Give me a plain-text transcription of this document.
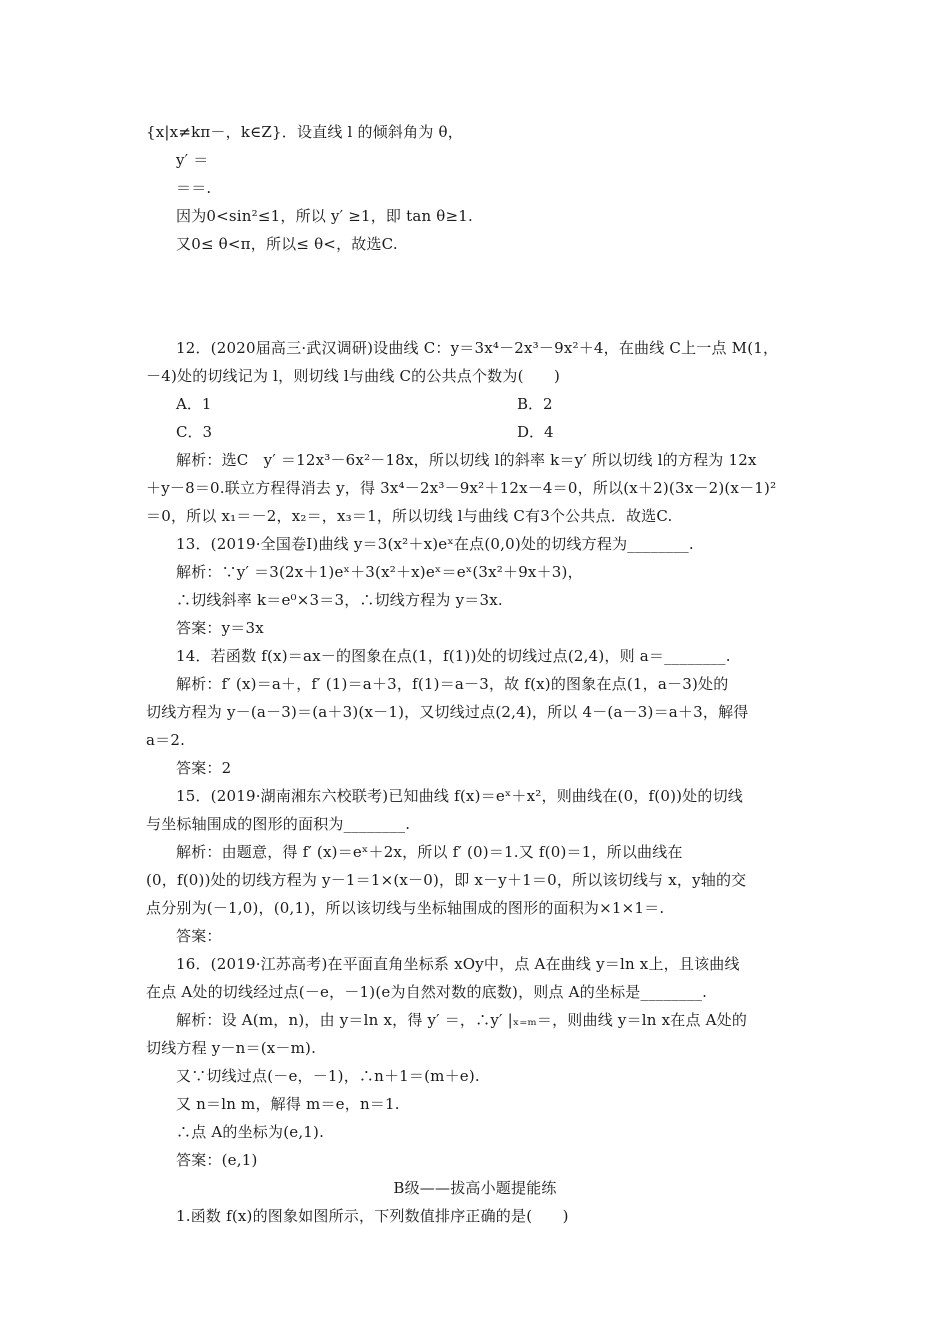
{x|x≠kπ－，k∈Z}．设直线 l 的倾斜角为 θ，
y′ ＝
＝＝.
因为0<sin²≤1，所以 y′ ≥1，即 tan θ≥1.
又0≤ θ<π，所以≤ θ<，故选C.
12．(2020届高三·武汉调研)设曲线 C：y＝3x⁴－2x³－9x²＋4，在曲线 C上一点 M(1，
－4)处的切线记为 l，则切线 l与曲线 C的公共点个数为(　　)
A．1	B．2
C．3	D．4
解析：选C　y′ ＝12x³－6x²－18x，所以切线 l的斜率 k＝y′ 所以切线 l的方程为 12x
＋y－8＝0.联立方程得消去 y，得 3x⁴－2x³－9x²＋12x－4＝0，所以(x＋2)(3x－2)(x－1)²
＝0，所以 x₁＝－2，x₂＝，x₃＝1，所以切线 l与曲线 C有3个公共点．故选C.
13．(2019·全国卷Ⅰ)曲线 y＝3(x²＋x)eˣ在点(0,0)处的切线方程为________.
解析：∵y′ ＝3(2x＋1)eˣ＋3(x²＋x)eˣ＝eˣ(3x²＋9x＋3)，
∴切线斜率 k＝e⁰×3＝3，∴切线方程为 y＝3x.
答案：y＝3x
14．若函数 f(x)＝ax－的图象在点(1，f(1))处的切线过点(2,4)，则 a＝________.
解析：f′ (x)＝a＋，f′ (1)＝a＋3，f(1)＝a－3，故 f(x)的图象在点(1，a－3)处的
切线方程为 y－(a－3)＝(a＋3)(x－1)，又切线过点(2,4)，所以 4－(a－3)＝a＋3，解得
a＝2.
答案：2
15．(2019·湖南湘东六校联考)已知曲线 f(x)＝eˣ＋x²，则曲线在(0，f(0))处的切线
与坐标轴围成的图形的面积为________.
解析：由题意，得 f′ (x)＝eˣ＋2x，所以 f′ (0)＝1.又 f(0)＝1，所以曲线在
(0，f(0))处的切线方程为 y－1＝1×(x－0)，即 x－y＋1＝0，所以该切线与 x，y轴的交
点分别为(－1,0)，(0,1)，所以该切线与坐标轴围成的图形的面积为×1×1＝.
答案：
16．(2019·江苏高考)在平面直角坐标系 xOy中，点 A在曲线 y＝ln x上，且该曲线
在点 A处的切线经过点(－e，－1)(e为自然对数的底数)，则点 A的坐标是________.
解析：设 A(m，n)，由 y＝ln x，得 y′ ＝，∴y′ |ₓ₌ₘ＝，则曲线 y＝ln x在点 A处的
切线方程 y－n＝(x－m).
又∵切线过点(－e，－1)，∴n＋1＝(m＋e).
又 n＝ln m，解得 m＝e，n＝1.
∴点 A的坐标为(e,1).
答案：(e,1)
B级——拔高小题提能练
1.函数 f(x)的图象如图所示，下列数值排序正确的是(　　)
